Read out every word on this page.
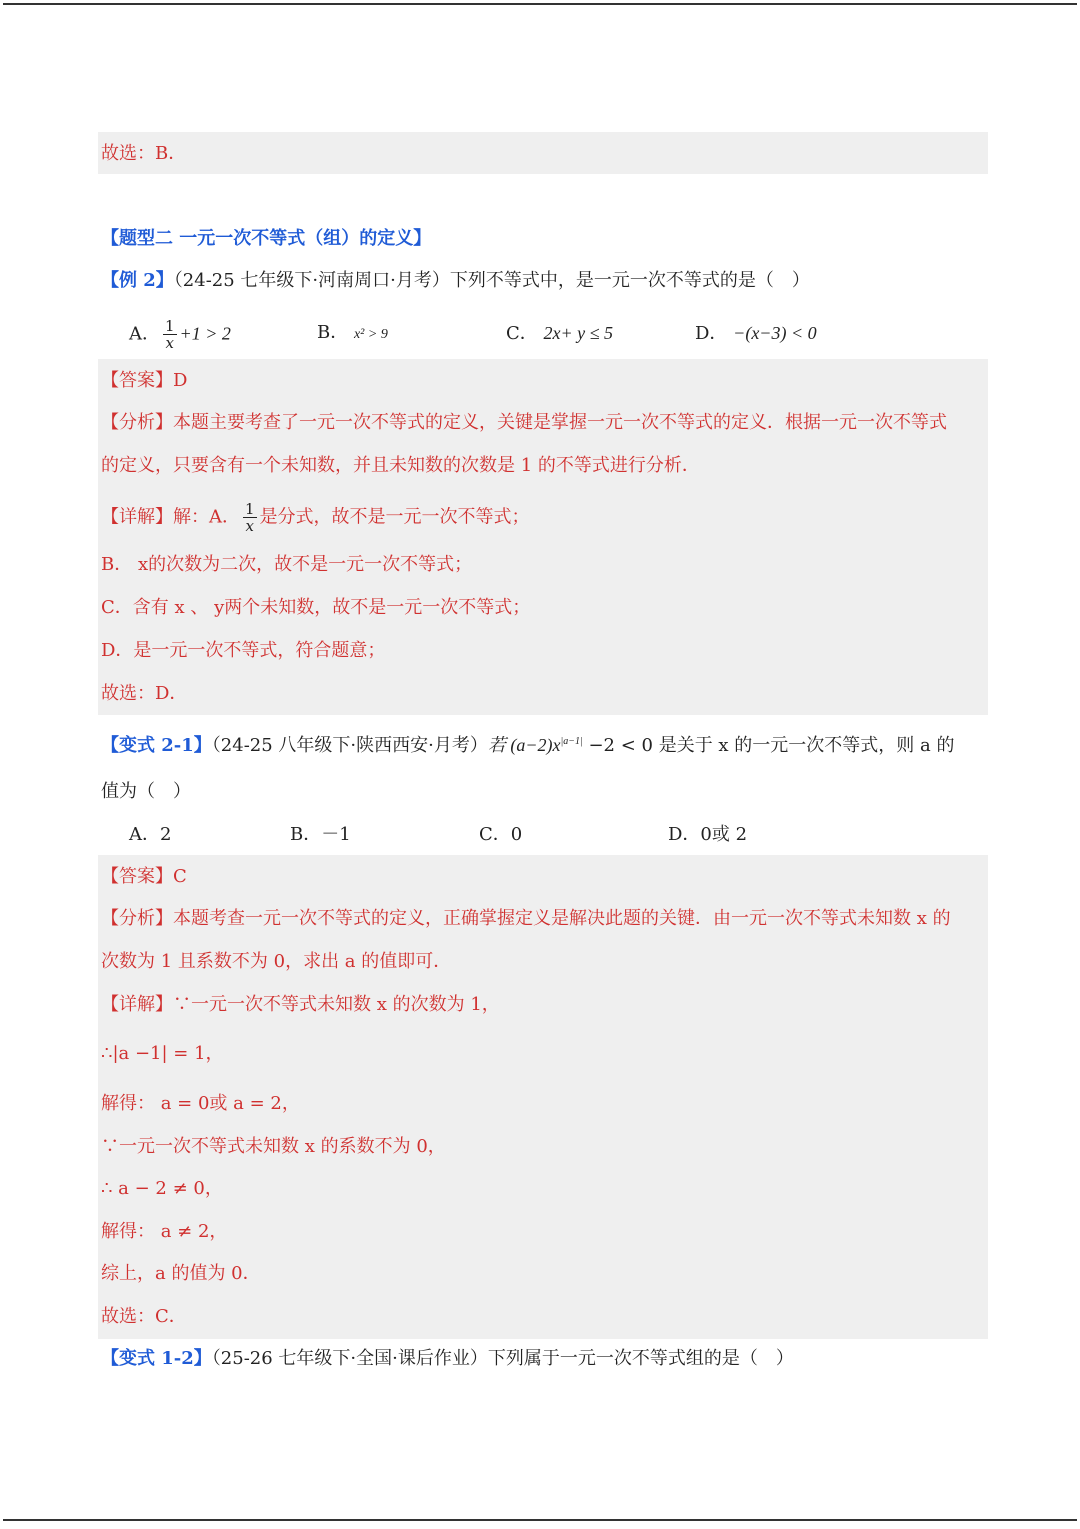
故选：B．
【题型二 一元一次不等式（组）的定义】
【例 2】（24-25 七年级下·河南周口·月考）下列不等式中，是一元一次不等式的是（　）
A． $\frac{1}{x} +1 > 2$	B． x² > 9	C． 2x+ y ≤ 5	D． −(x−3) < 0
【答案】D
【分析】本题主要考查了一元一次不等式的定义，关键是掌握一元一次不等式的定义．根据一元一次不等式
的定义，只要含有一个未知数，并且未知数的次数是 1 的不等式进行分析．
【详解】解：A． $\frac{1}{x}$ 是分式，故不是一元一次不等式；
B． x的次数为二次，故不是一元一次不等式；
C．含有 x 、 y两个未知数，故不是一元一次不等式；
D．是一元一次不等式，符合题意；
故选：D．
【变式 2-1】（24-25 八年级下·陕西西安·月考）若 $(a-2)x^{|a-1|} -2 < 0$ 是关于 x 的一元一次不等式，则 a 的
值为（　）
A．2	B．－1	C．0	D．0或 2
【答案】C
【分析】本题考查一元一次不等式的定义，正确掌握定义是解决此题的关键．由一元一次不等式未知数 x 的
次数为 1 且系数不为 0，求出 a 的值即可．
【详解】∵一元一次不等式未知数 x 的次数为 1，
∴|a −1| = 1，
解得： a = 0或 a = 2，
∵一元一次不等式未知数 x 的系数不为 0，
∴ a − 2 ≠ 0，
解得： a ≠ 2，
综上，a 的值为 0．
故选：C．
【变式 1-2】（25-26 七年级下·全国·课后作业）下列属于一元一次不等式组的是（　）
